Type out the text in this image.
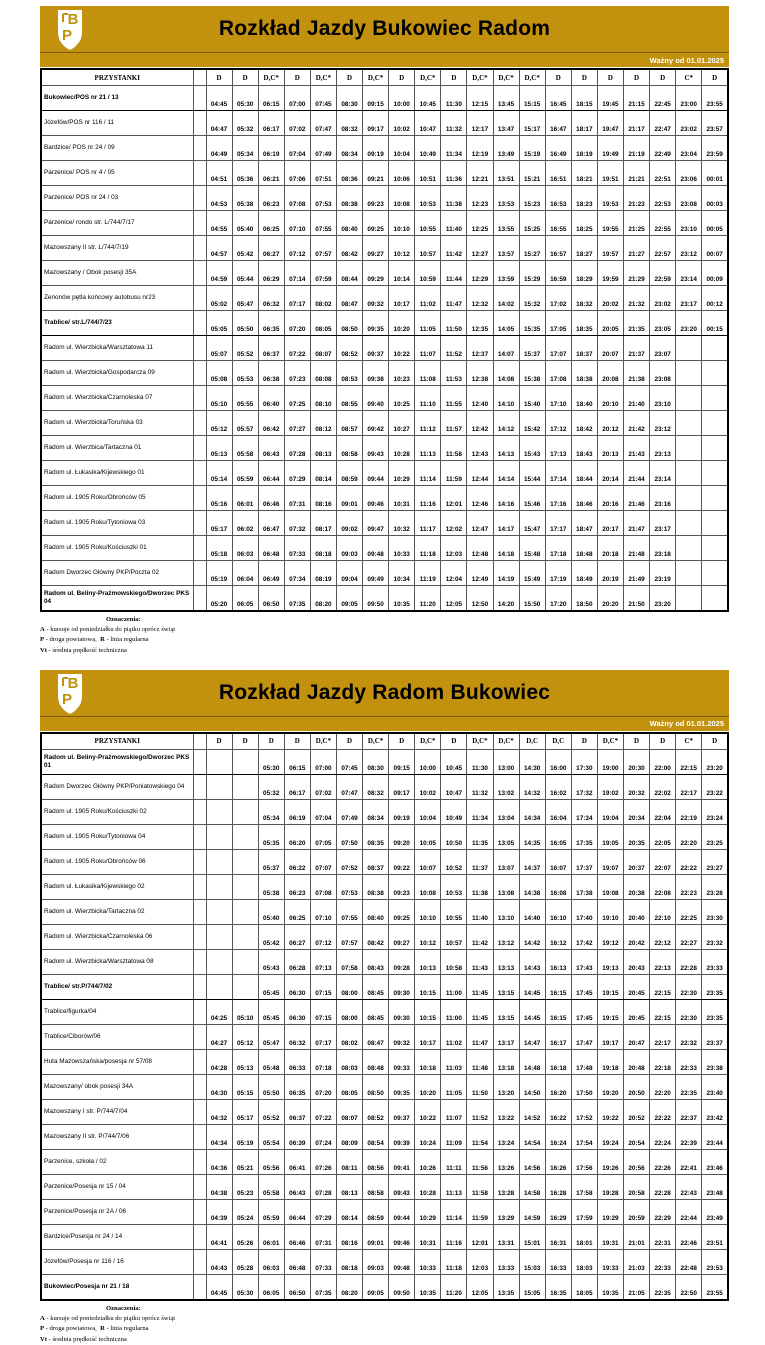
B
P	Rozkład Jazdy Bukowiec Radom
Ważny od 01.01.2025
PRZYSTANKI		D	D	D,C*	D	D,C*	D	D,C*	D	D,C*	D	D,C*	D,C*	D,C*	D	D	D	D	D	C*	D
Bukowiec/POS nr 21 / 13		04:45	05:30	06:15	07:00	07:45	08:30	09:15	10:00	10:45	11:30	12:15	13:45	15:15	16:45	18:15	19:45	21:15	22:45	23:00	23:55
Józefów/POS nr 116 / 11		04:47	05:32	06:17	07:02	07:47	08:32	09:17	10:02	10:47	11:32	12:17	13:47	15:17	16:47	18:17	19:47	21:17	22:47	23:02	23:57
Bardzice/ POS nr 24 / 09		04:49	05:34	06:19	07:04	07:49	08:34	09:19	10:04	10:49	11:34	12:19	13:49	15:19	16:49	18:19	19:49	21:19	22:49	23:04	23:59
Parzenice/ POS nr 4 / 05		04:51	05:36	06:21	07:06	07:51	08:36	09:21	10:06	10:51	11:36	12:21	13:51	15:21	16:51	18:21	19:51	21:21	22:51	23:06	00:01
Parzenice/ POS nr 24 / 03		04:53	05:38	06:23	07:08	07:53	08:38	09:23	10:08	10:53	11:38	12:23	13:53	15:23	16:53	18:23	19:53	21:23	22:53	23:08	00:03
Parzenice/ rondo str. L/744/7/17		04:55	05:40	06:25	07:10	07:55	08:40	09:25	10:10	10:55	11:40	12:25	13:55	15:25	16:55	18:25	19:55	21:25	22:55	23:10	00:05
Mazowszany II str. L/744/7/19		04:57	05:42	06:27	07:12	07:57	08:42	09:27	10:12	10:57	11:42	12:27	13:57	15:27	16:57	18:27	19:57	21:27	22:57	23:12	00:07
Mazowszany / Obok posesji 35A		04:59	05:44	06:29	07:14	07:59	08:44	09:29	10:14	10:59	11:44	12:29	13:59	15:29	16:59	18:29	19:59	21:29	22:59	23:14	00:09
Zenonów pętla końcowy autobusu nr23		05:02	05:47	06:32	07:17	08:02	08:47	09:32	10:17	11:02	11:47	12:32	14:02	15:32	17:02	18:32	20:02	21:32	23:02	23:17	00:12
Trablice/ str.L/744/7/23		05:05	05:50	06:35	07:20	08:05	08:50	09:35	10:20	11:05	11:50	12:35	14:05	15:35	17:05	18:35	20:05	21:35	23:05	23:20	00:15
Radom ul. Wierzbicka/Warsztatowa 11		05:07	05:52	06:37	07:22	08:07	08:52	09:37	10:22	11:07	11:52	12:37	14:07	15:37	17:07	18:37	20:07	21:37	23:07		
Radom ul. Wierzbicka/Gospodarcza 09		05:08	05:53	06:38	07:23	08:08	08:53	09:38	10:23	11:08	11:53	12:38	14:08	15:38	17:08	18:38	20:08	21:38	23:08		
Radom ul. Wierzbicka/Czarnoleska 07		05:10	05:55	06:40	07:25	08:10	08:55	09:40	10:25	11:10	11:55	12:40	14:10	15:40	17:10	18:40	20:10	21:40	23:10		
Radom ul. Wierzbicka/Toruńska 03		05:12	05:57	06:42	07:27	08:12	08:57	09:42	10:27	11:12	11:57	12:42	14:12	15:42	17:12	18:42	20:12	21:42	23:12		
Radom ul. Wierzbica/Tartaczna 01		05:13	05:58	06:43	07:28	08:13	08:58	09:43	10:28	11:13	11:58	12:43	14:13	15:43	17:13	18:43	20:13	21:43	23:13		
Radom ul. Łukasika/Kijewskiego 01		05:14	05:59	06:44	07:29	08:14	08:59	09:44	10:29	11:14	11:59	12:44	14:14	15:44	17:14	18:44	20:14	21:44	23:14		
Radom ul. 1905 Roku/Obrońców 05		05:16	06:01	06:46	07:31	08:16	09:01	09:46	10:31	11:16	12:01	12:46	14:16	15:46	17:16	18:46	20:16	21:46	23:16		
Radom ul. 1905 Roku/Tytoniowa 03		05:17	06:02	06:47	07:32	08:17	09:02	09:47	10:32	11:17	12:02	12:47	14:17	15:47	17:17	18:47	20:17	21:47	23:17		
Radom ul. 1905 Roku/Kościuszki 01		05:18	06:03	06:48	07:33	08:18	09:03	09:48	10:33	11:18	12:03	12:48	14:18	15:48	17:18	18:48	20:18	21:48	23:18		
Radom Dworzec Główny PKP/Poczta 02		05:19	06:04	06:49	07:34	08:19	09:04	09:49	10:34	11:19	12:04	12:49	14:19	15:49	17:19	18:49	20:19	21:49	23:19		
Radom ul. Beliny-Prażmowskiego/Dworzec PKS 04		05:20	06:05	06:50	07:35	08:20	09:05	09:50	10:35	11:20	12:05	12:50	14:20	15:50	17:20	18:50	20:20	21:50	23:20		
Oznaczenia:
A - kursuje od poniedziałku do piątku oprócz świąt
P - droga powiatowa,  R - linia regularna
Vt - średnia prędkość techniczna
B
P	Rozkład Jazdy Radom Bukowiec
Ważny od 01.01.2025
PRZYSTANKI		D	D	D	D	D,C*	D	D,C*	D	D,C*	D	D,C*	D,C*	D,C	D,C	D	D,C*	D	D	C*	D
Radom ul. Beliny-Prażmowskiego/Dworzec PKS 01				05:30	06:15	07:00	07:45	08:30	09:15	10:00	10:45	11:30	13:00	14:30	16:00	17:30	19:00	20:30	22:00	22:15	23:20
Radom Dworzec Główny PKP/Poniatowskiego 04				05:32	06:17	07:02	07:47	08:32	09:17	10:02	10:47	11:32	13:02	14:32	16:02	17:32	19:02	20:32	22:02	22:17	23:22
Radom ul. 1905 Roku/Kościuszki 02				05:34	06:19	07:04	07:49	08:34	09:19	10:04	10:49	11:34	13:04	14:34	16:04	17:34	19:04	20:34	22:04	22:19	23:24
Radom ul. 1905 Roku/Tytoniowa 04				05:35	06:20	07:05	07:50	08:35	09:20	10:05	10:50	11:35	13:05	14:35	16:05	17:35	19:05	20:35	22:05	22:20	23:25
Radom ul. 1905 Roku/Obrońców 06				05:37	06:22	07:07	07:52	08:37	09:22	10:07	10:52	11:37	13:07	14:37	16:07	17:37	19:07	20:37	22:07	22:22	23:27
Radom ul. Łukasika/Kijewskiego 02				05:38	06:23	07:08	07:53	08:38	09:23	10:08	10:53	11:38	13:08	14:38	16:08	17:38	19:08	20:38	22:08	22:23	23:28
Radom ul. Wierzbicka/Tartaczna 02				05:40	06:25	07:10	07:55	08:40	09:25	10:10	10:55	11:40	13:10	14:40	16:10	17:40	19:10	20:40	22:10	22:25	23:30
Radom ul. Wierzbicka/Czarnoleska 06				05:42	06:27	07:12	07:57	08:42	09:27	10:12	10:57	11:42	13:12	14:42	16:12	17:42	19:12	20:42	22:12	22:27	23:32
Radom ul. Wierzbicka/Warsztatowa 08				05:43	06:28	07:13	07:58	08:43	09:28	10:13	10:58	11:43	13:13	14:43	16:13	17:43	19:13	20:43	22:13	22:28	23:33
Trablice/ str.P/744/7/02				05:45	06:30	07:15	08:00	08:45	09:30	10:15	11:00	11:45	13:15	14:45	16:15	17:45	19:15	20:45	22:15	22:30	23:35
Trablice/figurka/04		04:25	05:10	05:45	06:30	07:15	08:00	08:45	09:30	10:15	11:00	11:45	13:15	14:45	16:15	17:45	19:15	20:45	22:15	22:30	23:35
Trablice/Ciborów/06		04:27	05:12	05:47	06:32	07:17	08:02	08:47	09:32	10:17	11:02	11:47	13:17	14:47	16:17	17:47	19:17	20:47	22:17	22:32	23:37
Huta Mazowszańska/posesja nr 57/08		04:28	05:13	05:48	06:33	07:18	08:03	08:48	09:33	10:18	11:03	11:48	13:18	14:48	16:18	17:48	19:18	20:48	22:18	22:33	23:38
Mazowszany/ obok posesji 34A		04:30	05:15	05:50	06:35	07:20	08:05	08:50	09:35	10:20	11:05	11:50	13:20	14:50	16:20	17:50	19:20	20:50	22:20	22:35	23:40
Mazowszany I str. P/744/7/04		04:32	05:17	05:52	06:37	07:22	08:07	08:52	09:37	10:22	11:07	11:52	13:22	14:52	16:22	17:52	19:22	20:52	22:22	22:37	23:42
Mazowszany II str. P/744/7/06		04:34	05:19	05:54	06:39	07:24	08:09	08:54	09:39	10:24	11:09	11:54	13:24	14:54	16:24	17:54	19:24	20:54	22:24	22:39	23:44
Parzenice, szkoła / 02		04:36	05:21	05:56	06:41	07:26	08:11	08:56	09:41	10:26	11:11	11:56	13:26	14:56	16:26	17:56	19:26	20:56	22:26	22:41	23:46
Parzenice/Posesja nr 15 / 04		04:38	05:23	05:58	06:43	07:28	08:13	08:58	09:43	10:28	11:13	11:58	13:28	14:58	16:28	17:58	19:28	20:58	22:28	22:43	23:48
Parzenice/Posesja nr 2A / 06		04:39	05:24	05:59	06:44	07:29	08:14	08:59	09:44	10:29	11:14	11:59	13:29	14:59	16:29	17:59	19:29	20:59	22:29	22:44	23:49
Bardzice/Posesja nr 24 / 14		04:41	05:26	06:01	06:46	07:31	08:16	09:01	09:46	10:31	11:16	12:01	13:31	15:01	16:31	18:01	19:31	21:01	22:31	22:46	23:51
Józefów/Posesja nr 116 / 16		04:43	05:28	06:03	06:48	07:33	08:18	09:03	09:48	10:33	11:18	12:03	13:33	15:03	16:33	18:03	19:33	21:03	22:33	22:48	23:53
Bukowiec/Posesja nr 21 / 18		04:45	05:30	06:05	06:50	07:35	08:20	09:05	09:50	10:35	11:20	12:05	13:35	15:05	16:35	18:05	19:35	21:05	22:35	22:50	23:55
Oznaczenia:
A - kursuje od poniedziałku do piątku oprócz świąt
P - droga powiatowa,  R - linia regularna
Vt - średnia prędkość techniczna
